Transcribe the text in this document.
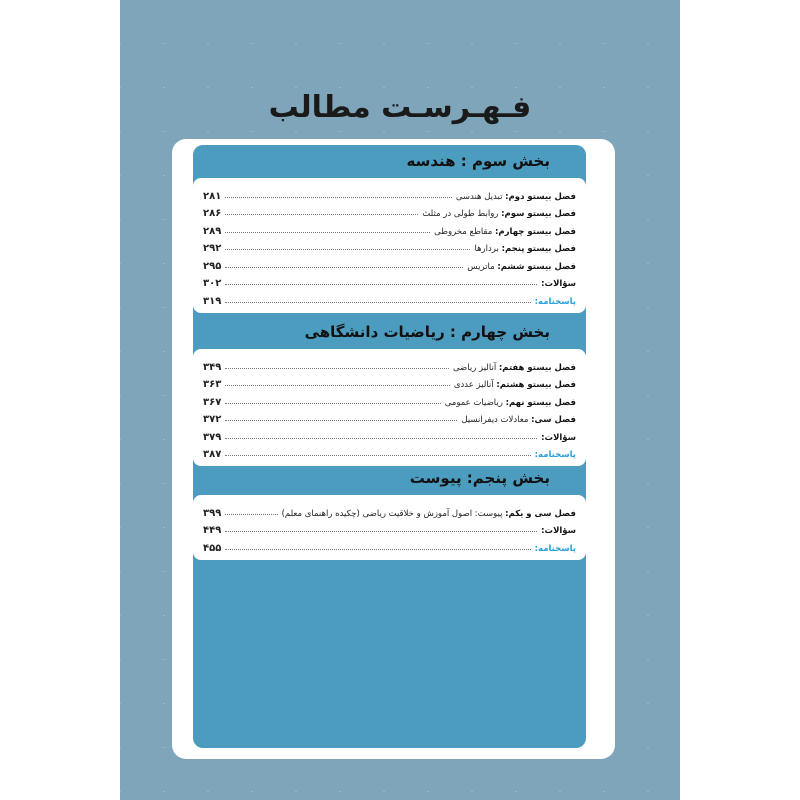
فـهـرسـت مطالب
بخش سوم : هندسه
فصل بیستو دوم: تبدیل هندسی
۲۸۱
فصل بیستو سوم: روابط طولی در مثلث
۲۸۶
فصل بیستو چهارم: مقاطع مخروطی
۲۸۹
فصل بیستو پنجم: بردارها
۲۹۲
فصل بیستو ششم: ماتریس
۲۹۵
سؤالات:
۳۰۲
پاسخنامه:
۳۱۹
بخش چهارم : ریاضیات دانشگاهی
فصل بیستو هفتم: آنالیز ریاضی
۳۴۹
فصل بیستو هشتم: آنالیز عددی
۳۶۳
فصل بیستو نهم: ریاضیات عمومی
۳۶۷
فصل سی: معادلات دیفرانسیل
۳۷۲
سؤالات:
۳۷۹
پاسخنامه:
۳۸۷
بخش پنجم: پیوست
فصل سی و یکم: پیوست: اصول آموزش و خلاقیت ریاضی (چکیده راهنمای معلم)
۳۹۹
سؤالات:
۴۴۹
پاسخنامه:
۴۵۵
